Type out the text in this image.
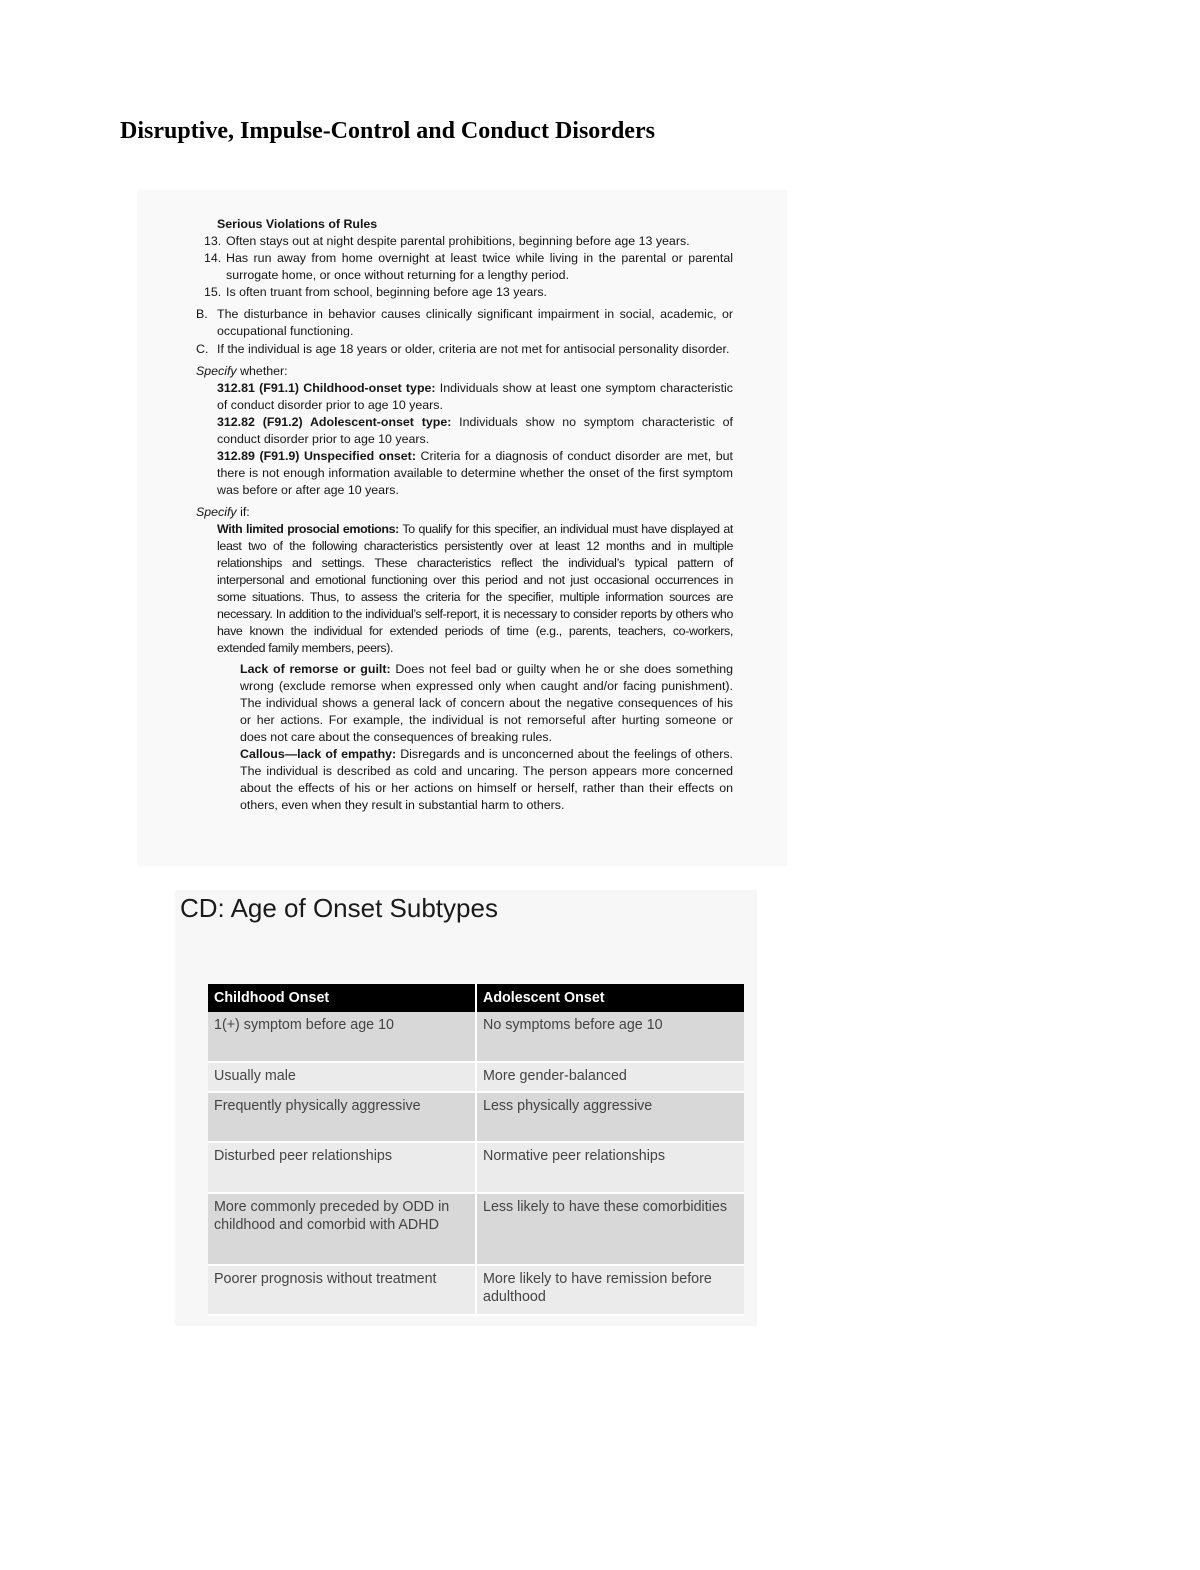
Disruptive, Impulse-Control and Conduct Disorders

Serious Violations of Rules

13. Often stays out at night despite parental prohibitions, beginning before age 13 years.
14. Has run away from home overnight at least twice while living in the parental or parental surrogate home, or once without returning for a lengthy period.
15. Is often truant from school, beginning before age 13 years.
B. The disturbance in behavior causes clinically significant impairment in social, academic, or occupational functioning.
C. If the individual is age 18 years or older, criteria are not met for antisocial personality disorder.

Specify whether:

312.81 (F91.1) Childhood-onset type: Individuals show at least one symptom characteristic of conduct disorder prior to age 10 years.

312.82 (F91.2) Adolescent-onset type: Individuals show no symptom characteristic of conduct disorder prior to age 10 years.

312.89 (F91.9) Unspecified onset: Criteria for a diagnosis of conduct disorder are met, but there is not enough information available to determine whether the onset of the first symptom was before or after age 10 years.

Specify if:

With limited prosocial emotions: To qualify for this specifier, an individual must have displayed at least two of the following characteristics persistently over at least 12 months and in multiple relationships and settings. These characteristics reflect the individual’s typical pattern of interpersonal and emotional functioning over this period and not just occasional occurrences in some situations. Thus, to assess the criteria for the specifier, multiple information sources are necessary. In addition to the individual’s self-report, it is necessary to consider reports by others who have known the individual for extended periods of time (e.g., parents, teachers, co-workers, extended family members, peers).

Lack of remorse or guilt: Does not feel bad or guilty when he or she does something wrong (exclude remorse when expressed only when caught and/or facing punishment). The individual shows a general lack of concern about the negative consequences of his or her actions. For example, the individual is not remorseful after hurting someone or does not care about the consequences of breaking rules.

Callous—lack of empathy: Disregards and is unconcerned about the feelings of others. The individual is described as cold and uncaring. The person appears more concerned about the effects of his or her actions on himself or herself, rather than their effects on others, even when they result in substantial harm to others.

CD: Age of Onset Subtypes
Childhood Onset	Adolescent Onset
1(+) symptom before age 10	No symptoms before age 10
Usually male	More gender-balanced
Frequently physically aggressive	Less physically aggressive
Disturbed peer relationships	Normative peer relationships
More commonly preceded by ODD in childhood and comorbid with ADHD	Less likely to have these comorbidities
Poorer prognosis without treatment	More likely to have remission before adulthood
